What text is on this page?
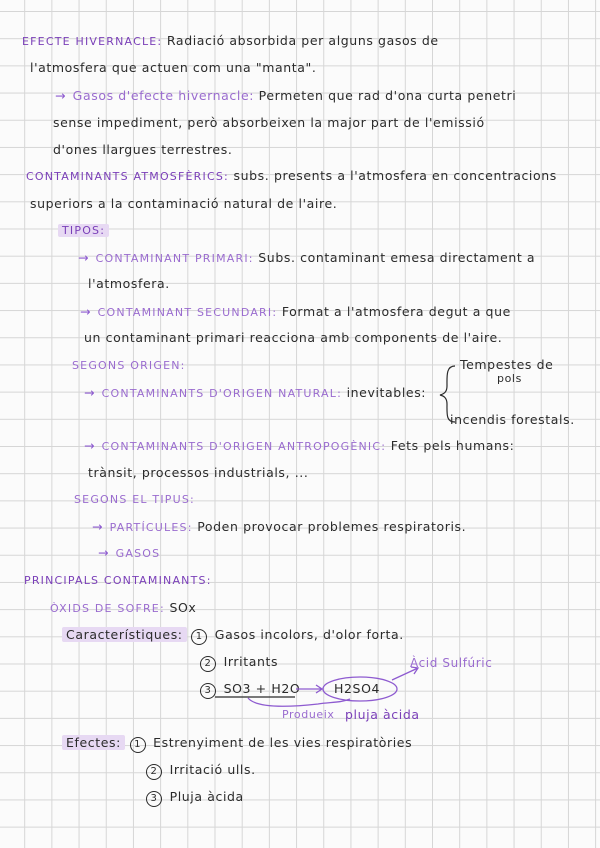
EFECTE HIVERNACLE: Radiació absorbida per alguns gasos de
l'atmosfera que actuen com una "manta".
→ Gasos d'efecte hivernacle: Permeten que rad d'ona curta penetri
sense impediment, però absorbeixen la major part de l'emissió
d'ones llargues terrestres.
CONTAMINANTS ATMOSFÈRICS: subs. presents a l'atmosfera en concentracions
superiors a la contaminació natural de l'aire.
TIPOS:
→ CONTAMINANT PRIMARI: Subs. contaminant emesa directament a
l'atmosfera.
→ CONTAMINANT SECUNDARI: Format a l'atmosfera degut a que
un contaminant primari reacciona amb components de l'aire.
SEGONS ORIGEN:
→ CONTAMINANTS D'ORIGEN NATURAL: inevitables:
Tempestes de
pols
incendis forestals.
→ CONTAMINANTS D'ORIGEN ANTROPOGÈNIC: Fets pels humans:
trànsit, processos industrials, ...
SEGONS EL TIPUS:
→ PARTÍCULES: Poden provocar problemes respiratoris.
→ GASOS
PRINCIPALS CONTAMINANTS:
ÒXIDS DE SOFRE: SOx
Característiques: 1 Gasos incolors, d'olor forta.
2 Irritants
3 SO3 + H2O	H2SO4
Àcid Sulfúric
Produeix pluja àcida
Efectes: 1 Estrenyiment de les vies respiratòries
2 Irritació ulls.
3 Pluja àcida
